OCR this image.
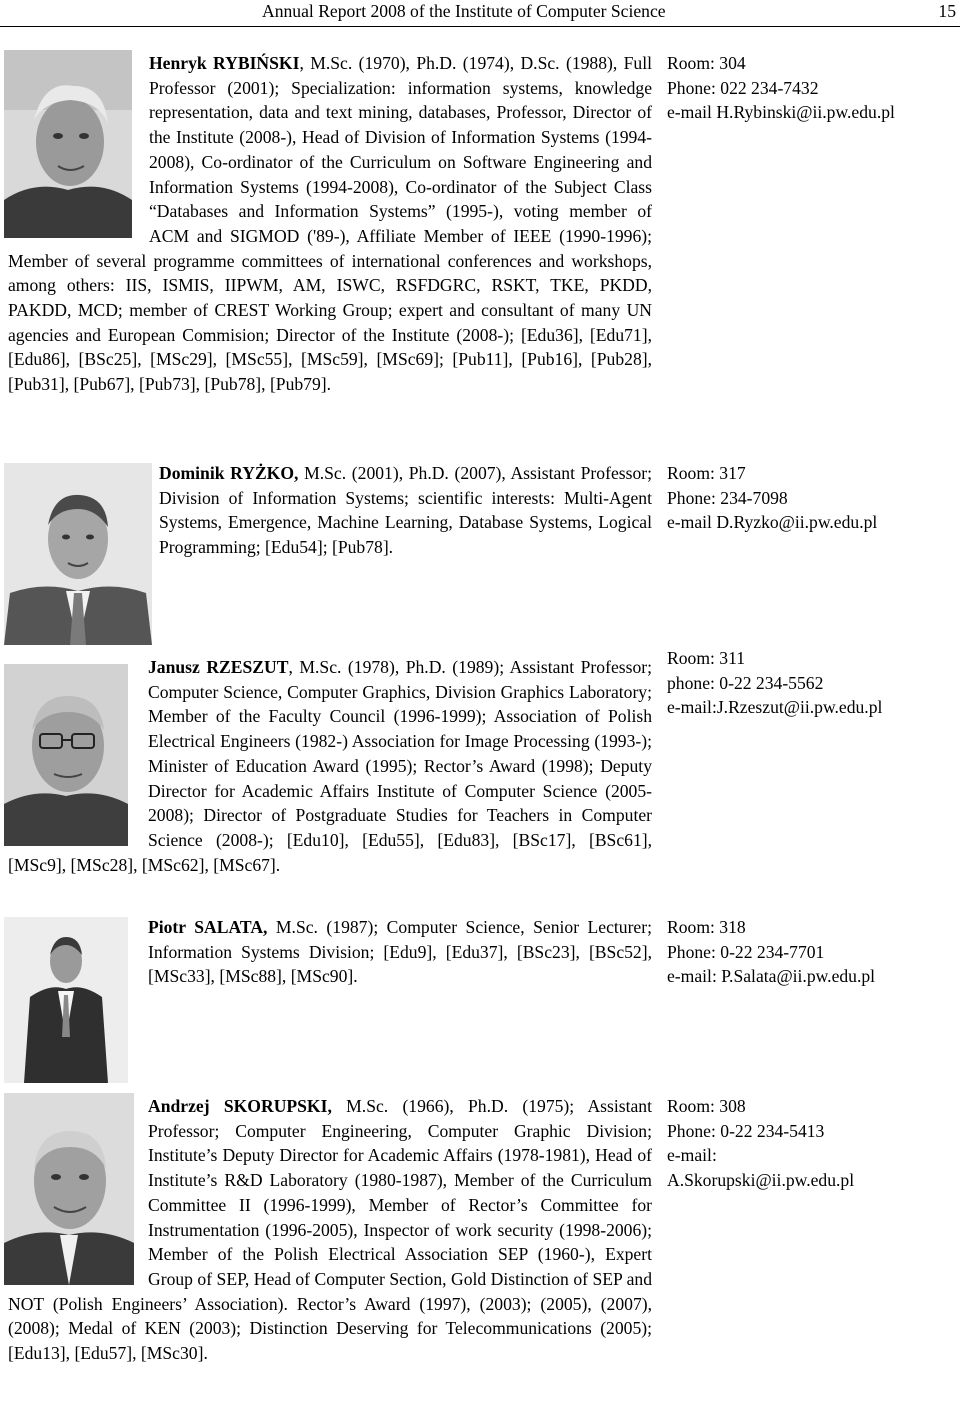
Annual Report 2008 of the Institute of Computer Science	15
Henryk RYBIŃSKI, M.Sc. (1970), Ph.D. (1974), D.Sc. (1988), Full Professor (2001); Specialization: information systems, knowledge representation, data and text mining, databases, Professor, Director of the Institute (2008-), Head of Division of Information Systems (1994-2008), Co-ordinator of the Curriculum on Software Engineering and Information Systems (1994-2008), Co-ordinator of the Subject Class “Databases and Information Systems” (1995-), voting member of ACM and SIGMOD ('89-), Affiliate Member of IEEE (1990-1996); Member of several programme committees of international conferences and workshops, among others: IIS, ISMIS, IIPWM, AM, ISWC, RSFDGRC, RSKT, TKE, PKDD, PAKDD, MCD; member of CREST Working Group; expert and consultant of many UN agencies and European Commision; Director of the Institute (2008-); [Edu36], [Edu71], [Edu86], [BSc25], [MSc29], [MSc55], [MSc59], [MSc69]; [Pub11], [Pub16], [Pub28], [Pub31], [Pub67], [Pub73], [Pub78], [Pub79].
Room: 304
Phone: 022 234-7432
e-mail H.Rybinski@ii.pw.edu.pl
Dominik RYŻKO, M.Sc. (2001), Ph.D. (2007), Assistant Professor; Division of Information Systems; scientific interests: Multi-Agent Systems, Emergence, Machine Learning, Database Systems, Logical Programming; [Edu54]; [Pub78].
Room: 317
Phone: 234-7098
e-mail D.Ryzko@ii.pw.edu.pl
Janusz RZESZUT, M.Sc. (1978), Ph.D. (1989); Assistant Professor; Computer Science, Computer Graphics, Division Graphics Laboratory; Member of the Faculty Council (1996-1999); Association of Polish Electrical Engineers (1982-) Association for Image Processing (1993-); Minister of Education Award (1995); Rector’s Award (1998); Deputy Director for Academic Affairs Institute of Computer Science (2005-2008); Director of Postgraduate Studies for Teachers in Computer Science (2008-); [Edu10], [Edu55], [Edu83], [BSc17], [BSc61], [MSc9], [MSc28], [MSc62], [MSc67].
Room: 311
phone: 0-22 234-5562
e-mail:J.Rzeszut@ii.pw.edu.pl
Piotr SALATA, M.Sc. (1987); Computer Science, Senior Lecturer; Information Systems Division; [Edu9], [Edu37], [BSc23], [BSc52], [MSc33], [MSc88], [MSc90].
Room: 318
Phone: 0-22 234-7701
e-mail: P.Salata@ii.pw.edu.pl
Andrzej SKORUPSKI, M.Sc. (1966), Ph.D. (1975); Assistant Professor; Computer Engineering, Computer Graphic Division; Institute’s Deputy Director for Academic Affairs (1978-1981), Head of Institute’s R&D Laboratory (1980-1987), Member of the Curriculum Committee II (1996-1999), Member of Rector’s Committee for Instrumentation (1996-2005), Inspector of work security (1998-2006); Member of the Polish Electrical Association SEP (1960-), Expert Group of SEP, Head of Computer Section, Gold Distinction of SEP and NOT (Polish Engineers’ Association). Rector’s Award (1997), (2003); (2005), (2007), (2008); Medal of KEN (2003); Distinction Deserving for Telecommunications (2005); [Edu13], [Edu57], [MSc30].
Room: 308
Phone: 0-22 234-5413
e-mail:
A.Skorupski@ii.pw.edu.pl
